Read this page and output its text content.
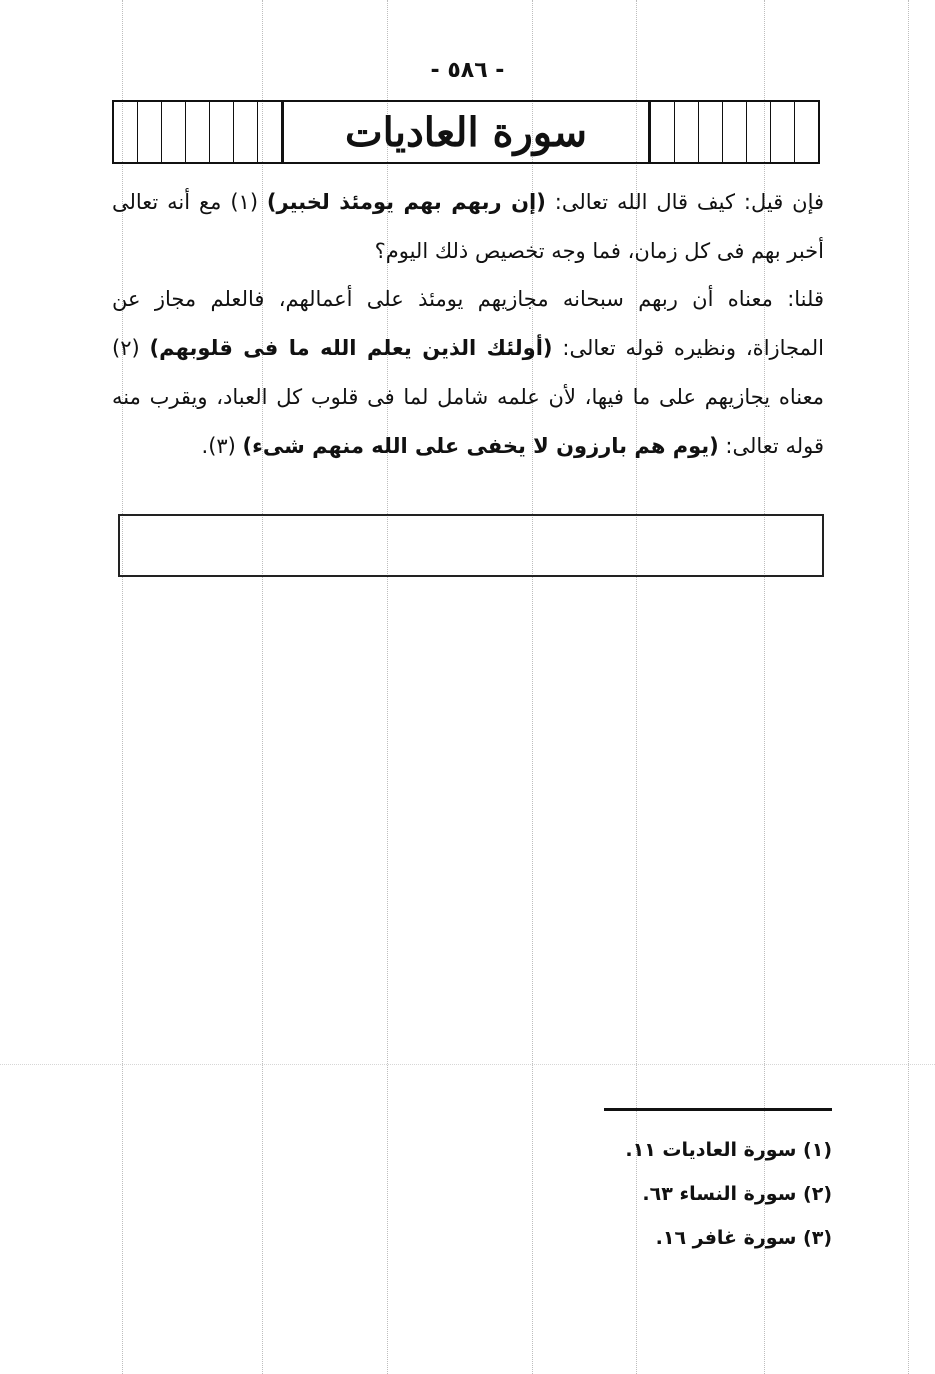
- ٥٨٦ -
سورة العاديات

فإن قيل: كيف قال الله تعالى: (إن ربهم بهم يومئذ لخبير) (١) مع أنه تعالى أخبر بهم فى كل زمان، فما وجه تخصيص ذلك اليوم؟

قلنا: معناه أن ربهم سبحانه مجازيهم يومئذ على أعمالهم، فالعلم مجاز عن المجازاة، ونظيره قوله تعالى: (أولئك الذين يعلم الله ما فى قلوبهم) (٢) معناه يجازيهم على ما فيها، لأن علمه شامل لما فى قلوب كل العباد، ويقرب منه قوله تعالى: (يوم هم بارزون لا يخفى على الله منهم شىء) (٣).

(١) سورة العاديات ١١.
(٢) سورة النساء ٦٣.
(٣) سورة غافر ١٦.
